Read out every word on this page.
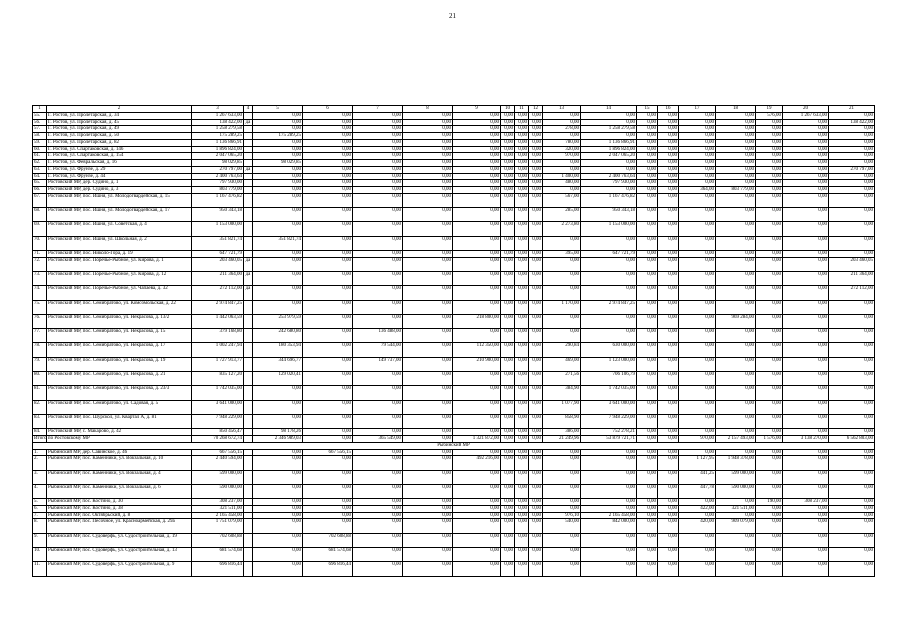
21
1	2	3	4	5	6	7	8	9	10	11	12	13	14	15	16	17	18	19	20	21
55.	Г. Ростов, ул. Пролетарская, д. 34	1 267 633,00		0,00	0,00	0,00	0,00	0,00	0,00	0,00	0,00	0,00	0,00	0,00	0,00	0,00	0,00	576,00	1 267 633,00	0,00
56.	Г. Ростов, ул. Пролетарская, д. 45	138 422,00	да	0,00	0,00	0,00	0,00	0,00	0,00	0,00	0,00	0,00	0,00	0,00	0,00	0,00	0,00	0,00	0,00	138 422,00
57.	Г. Ростов, ул. Пролетарская, д. 49	1 258 279,58		0,00	0,00	0,00	0,00	0,00	0,00	0,00	0,00	278,00	1 258 279,58	0,00	0,00	0,00	0,00	0,00	0,00	0,00
58.	Г. Ростов, ул. Пролетарская, д. 50	175 289,25		175 289,25	0,00	0,00	0,00	0,00	0,00	0,00	0,00	0,00	0,00	0,00	0,00	0,00	0,00	0,00	0,00	0,00
59.	Г. Ростов, ул. Пролетарская, д. 82	1 136 866,91		0,00	0,00	0,00	0,00	0,00	0,00	0,00	0,00	780,00	1 136 866,91	0,00	0,00	0,00	0,00	0,00	0,00	0,00
60.	Г. Ростов, ул. Спартаковская, д. 146	1 896 824,00		0,00	0,00	0,00	0,00	0,00	0,00	0,00	0,00	320,00	1 896 824,00	0,00	0,00	0,00	0,00	0,00	0,00	0,00
61.	Г. Ростов, ул. Спартаковская, д. 154	2 047 065,20		0,00	0,00	0,00	0,00	0,00	0,00	0,00	0,00	970,00	2 047 065,20	0,00	0,00	0,00	0,00	0,00	0,00	0,00
62.	Г. Ростов, ул. Февральская, д. 16	98 029,85		98 029,85	0,00	0,00	0,00	0,00	0,00	0,00	0,00	0,00	0,00	0,00	0,00	0,00	0,00	0,00	0,00	0,00
63.	Г. Ростов, ул. Фрунзе, д. 29	270 797,00	да	0,00	0,00	0,00	0,00	0,00	0,00	0,00	0,00	0,00	0,00	0,00	0,00	0,00	0,00	0,00	0,00	270 797,00
64.	Г. Ростов, ул. Фрунзе, д. 44	2 400 763,64		0,00	0,00	0,00	0,00	0,00	0,00	0,00	0,00	1 400,00	2 400 763,64	0,00	0,00	0,00	0,00	0,00	0,00	0,00
65.	Ростовский МР, дер. Судино, д. 1	797 930,00		0,00	0,00	0,00	0,00	0,00	0,00	0,00	0,00	480,00	797 930,00	0,00	0,00	0,00	0,00	0,00	0,00	0,00
66.	Ростовский МР, дер. Судино, д. 3	803 779,00		0,00	0,00	0,00	0,00	0,00	0,00	0,00	0,00	0,00	0,00	0,00	0,00	364,00	803 779,00	0,00	0,00	0,00
67.	Ростовский МР, пос. Ишня, ул. Молодогвардейская, д. 15	1 167 476,82		0,00	0,00	0,00	0,00	0,00	0,00	0,00	0,00	567,00	1 167 476,82	0,00	0,00	0,00	0,00	0,00	0,00	0,00
68.	Ростовский МР, пос. Ишня, ул. Молодогвардейская, д. 17	950 343,18		0,00	0,00	0,00	0,00	0,00	0,00	0,00	0,00	285,00	950 343,18	0,00	0,00	0,00	0,00	0,00	0,00	0,00
69.	Ростовский МР, пос. Ишня, ул. Советская, д. 4	1 153 000,00		0,00	0,00	0,00	0,00	0,00	0,00	0,00	0,00	2 273,80	1 153 000,00	0,00	0,00	0,00	0,00	0,00	0,00	0,00
70.	Ростовский МР, пос. Ишня, ул. Школьная, д. 2	351 821,74		351 821,74	0,00	0,00	0,00	0,00	0,00	0,00	0,00	0,00	0,00	0,00	0,00	0,00	0,00	0,00	0,00	0,00
71.	Ростовский МР, пос. Николо-Гора, д. 19	647 721,79		0,00	0,00	0,00	0,00	0,00	0,00	0,00	0,00	395,00	647 721,79	0,00	0,00	0,00	0,00	0,00	0,00	0,00
72.	Ростовский МР, пос. Поречье-Рыбное, ул. Кирова, д. 1	203 460,05	да	0,00	0,00	0,00	0,00	0,00	0,00	0,00	0,00	0,00	0,00	0,00	0,00	0,00	0,00	0,00	0,00	203 460,05
73.	Ростовский МР, пос. Поречье-Рыбное, ул. Кирова, д. 12	211 364,00	да	0,00	0,00	0,00	0,00	0,00	0,00	0,00	0,00	0,00	0,00	0,00	0,00	0,00	0,00	0,00	0,00	211 364,00
74.	Ростовский МР, пос. Поречье-Рыбное, ул. Чапаева, д. 32	272 112,00	да	0,00	0,00	0,00	0,00	0,00	0,00	0,00	0,00	0,00	0,00	0,00	0,00	0,00	0,00	0,00	0,00	272 112,00
75.	Ростовский МР, пос. Семибратово, ул. Комсомольская, д. 22	2 974 847,25		0,00	0,00	0,00	0,00	0,00	0,00	0,00	0,00	1 170,00	2 974 847,25	0,00	0,00	0,00	0,00	0,00	0,00	0,00
76.	Ростовский МР, пос. Семибратово, ул. Некрасова, д. 13/2	1 442 063,59		253 979,59	0,00	0,00	0,00	218 800,00	0,00	0,00	0,00	0,00	0,00	0,00	0,00	0,00	969 284,00	0,00	0,00	0,00
77.	Ростовский МР, пос. Семибратово, ул. Некрасова, д. 15	379 168,80		242 680,80	0,00	136 488,00	0,00	0,00	0,00	0,00	0,00	0,00	0,00	0,00	0,00	0,00	0,00	0,00	0,00	0,00
78.	Ростовский МР, пос. Семибратово, ул. Некрасова, д. 17	1 002 247,94		180 353,94	0,00	79 544,00	0,00	112 350,00	0,00	0,00	0,00	290,84	630 000,00	0,00	0,00	0,00	0,00	0,00	0,00	0,00
79.	Ростовский МР, пос. Семибратово, ул. Некрасова, д. 19	1 727 913,77		344 696,77	0,00	149 737,00	0,00	210 900,00	0,00	0,00	0,00	469,00	1 123 000,00	0,00	0,00	0,00	0,00	0,00	0,00	0,00
80.	Ростовский МР, пос. Семибратово, ул. Некрасова, д. 21	835 127,20		129 020,41	0,00	0,00	0,00	0,00	0,00	0,00	0,00	271,56	706 106,79	0,00	0,00	0,00	0,00	0,00	0,00	0,00
81.	Ростовский МР, пос. Семибратово, ул. Некрасова, д. 23/3	1 742 035,00		0,00	0,00	0,00	0,00	0,00	0,00	0,00	0,00	384,90	1 742 035,00	0,00	0,00	0,00	0,00	0,00	0,00	0,00
82.	Ростовский МР, пос. Семибратово, ул. Садовая, д. 5	3 641 000,00		0,00	0,00	0,00	0,00	0,00	0,00	0,00	0,00	1 077,90	3 641 000,00	0,00	0,00	0,00	0,00	0,00	0,00	0,00
83.	Ростовский МР, пос. Шурскол, ул. Квартал А, д. 81	7 948 229,00		0,00	0,00	0,00	0,00	0,00	0,00	0,00	0,00	858,90	7 948 229,00	0,00	0,00	0,00	0,00	0,00	0,00	0,00
84.	Ростовский МР, с. Макарово, д. 42	850 456,47		98 178,26	0,00	0,00	0,00	0,00	0,00	0,00	0,00	386,00	752 278,21	0,00	0,00	0,00	0,00	0,00	0,00	0,00
Итого по Ростовскому МР		70 268 672,74		2 346 989,03	0,00	365 549,00	0,00	1 321 872,00	0,00	0,00	0,00	21 249,96	53 879 721,71	0,00	0,00	970,00	2 157 493,00	1 576,00	3 138 270,00	6 562 803,00
Рыбинский МР																				
1.	Рыбинский МР, дер. Савинское, д. 46	667 556,15		0,00	667 556,15	0,00	0,00	0,00	0,00	0,00	0,00	0,00	0,00	0,00	0,00	0,00	0,00	0,00	0,00	0,00
2.	Рыбинский МР, пос. Каменники, ул. Вокзальная, д. 10	2 440 594,00		0,00	0,00	0,00	0,00	492 216,00	0,00	0,00	0,00	0,00	0,00	0,00	0,00	1 127,95	1 948 378,00	0,00	0,00	0,00
3.	Рыбинский МР, пос. Каменники, ул. Вокзальная, д. 4	599 000,00		0,00	0,00	0,00	0,00	0,00	0,00	0,00	0,00	0,00	0,00	0,00	0,00	441,25	599 000,00	0,00	0,00	0,00
4.	Рыбинский МР, пос. Каменники, ул. Вокзальная, д. 6	590 000,00		0,00	0,00	0,00	0,00	0,00	0,00	0,00	0,00	0,00	0,00	0,00	0,00	447,78	590 000,00	0,00	0,00	0,00
5.	Рыбинский МР, пос. Костино, д. 30	308 237,00		0,00	0,00	0,00	0,00	0,00	0,00	0,00	0,00	0,00	0,00	0,00	0,00	0,00	0,00	190,00	308 237,00	0,00
6.	Рыбинский МР, пос. Костино, д. 38	321 511,00		0,00	0,00	0,00	0,00	0,00	0,00	0,00	0,00	0,00	0,00	0,00	0,00	422,00	321 511,00	0,00	0,00	0,00
7.	Рыбинский МР, пос. Октябрьский, д. 8	2 165 458,00		0,00	0,00	0,00	0,00	0,00	0,00	0,00	0,00	976,10	2 165 458,00	0,00	0,00	0,00	0,00	0,00	0,00	0,00
8.	Рыбинский МР, пос. Песочное, ул. Красноармейская, д. 29а	1 751 079,00		0,00	0,00	0,00	0,00	0,00	0,00	0,00	0,00	540,00	842 000,00	0,00	0,00	420,00	909 079,00	0,00	0,00	0,00
9.	Рыбинский МР, пос. Судоверфь, ул. Судостроительная, д. 19	702 608,88		0,00	702 608,88	0,00	0,00	0,00	0,00	0,00	0,00	0,00	0,00	0,00	0,00	0,00	0,00	0,00	0,00	0,00
10.	Рыбинский МР, пос. Судоверфь, ул. Судостроительная, д. 13	681 574,68		0,00	681 574,68	0,00	0,00	0,00	0,00	0,00	0,00	0,00	0,00	0,00	0,00	0,00	0,00	0,00	0,00	0,00
11.	Рыбинский МР, пос. Судоверфь, ул. Судостроительная, д. 9	696 816,44		0,00	696 816,44	0,00	0,00	0,00	0,00	0,00	0,00	0,00	0,00	0,00	0,00	0,00	0,00	0,00	0,00	0,00
